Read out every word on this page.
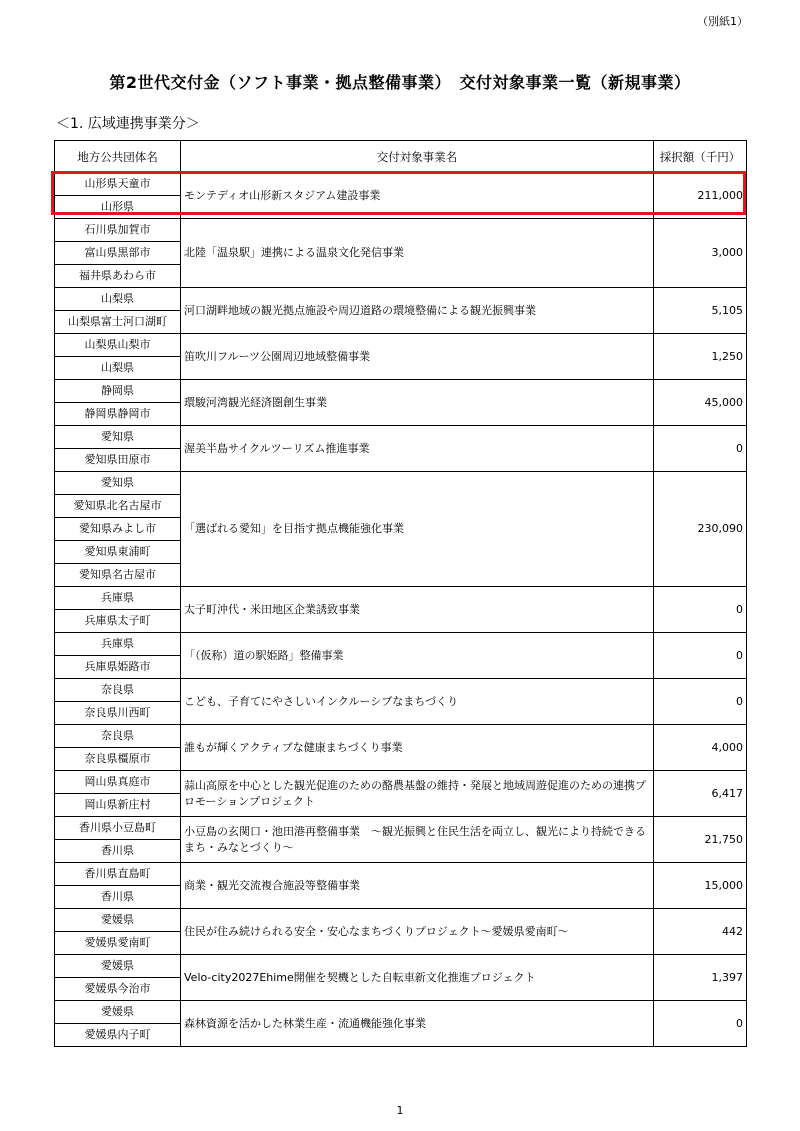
（別紙1）
第2世代交付金（ソフト事業・拠点整備事業）　交付対象事業一覧（新規事業）
＜1. 広域連携事業分＞
地方公共団体名	交付対象事業名	採択額（千円）
山形県天童市	モンテディオ山形新スタジアム建設事業	211,000
山形県		
石川県加賀市	北陸「温泉駅」連携による温泉文化発信事業	3,000
富山県黒部市		
福井県あわら市		
山梨県	河口湖畔地域の観光拠点施設や周辺道路の環境整備による観光振興事業	5,105
山梨県富士河口湖町		
山梨県山梨市	笛吹川フルーツ公園周辺地域整備事業	1,250
山梨県		
静岡県	環駿河湾観光経済圏創生事業	45,000
静岡県静岡市		
愛知県	渥美半島サイクルツーリズム推進事業	0
愛知県田原市		
愛知県	「選ばれる愛知」を目指す拠点機能強化事業	230,090
愛知県北名古屋市		
愛知県みよし市		
愛知県東浦町		
愛知県名古屋市		
兵庫県	太子町沖代・米田地区企業誘致事業	0
兵庫県太子町		
兵庫県	「（仮称）道の駅姫路」整備事業	0
兵庫県姫路市		
奈良県	こども、子育てにやさしいインクルーシブなまちづくり	0
奈良県川西町		
奈良県	誰もが輝くアクティブな健康まちづくり事業	4,000
奈良県橿原市		
岡山県真庭市	蒜山高原を中心とした観光促進のための酪農基盤の維持・発展と地域周遊促進のための連携プロモーションプロジェクト	6,417
岡山県新庄村		
香川県小豆島町	小豆島の玄関口・池田港再整備事業　～観光振興と住民生活を両立し、観光により持続できる まち・みなとづくり～	21,750
香川県		
香川県直島町	商業・観光交流複合施設等整備事業	15,000
香川県		
愛媛県	住民が住み続けられる安全・安心なまちづくりプロジェクト～愛媛県愛南町～	442
愛媛県愛南町		
愛媛県	Velo-city2027Ehime開催を契機とした自転車新文化推進プロジェクト	1,397
愛媛県今治市		
愛媛県	森林資源を活かした林業生産・流通機能強化事業	0
愛媛県内子町		
1
